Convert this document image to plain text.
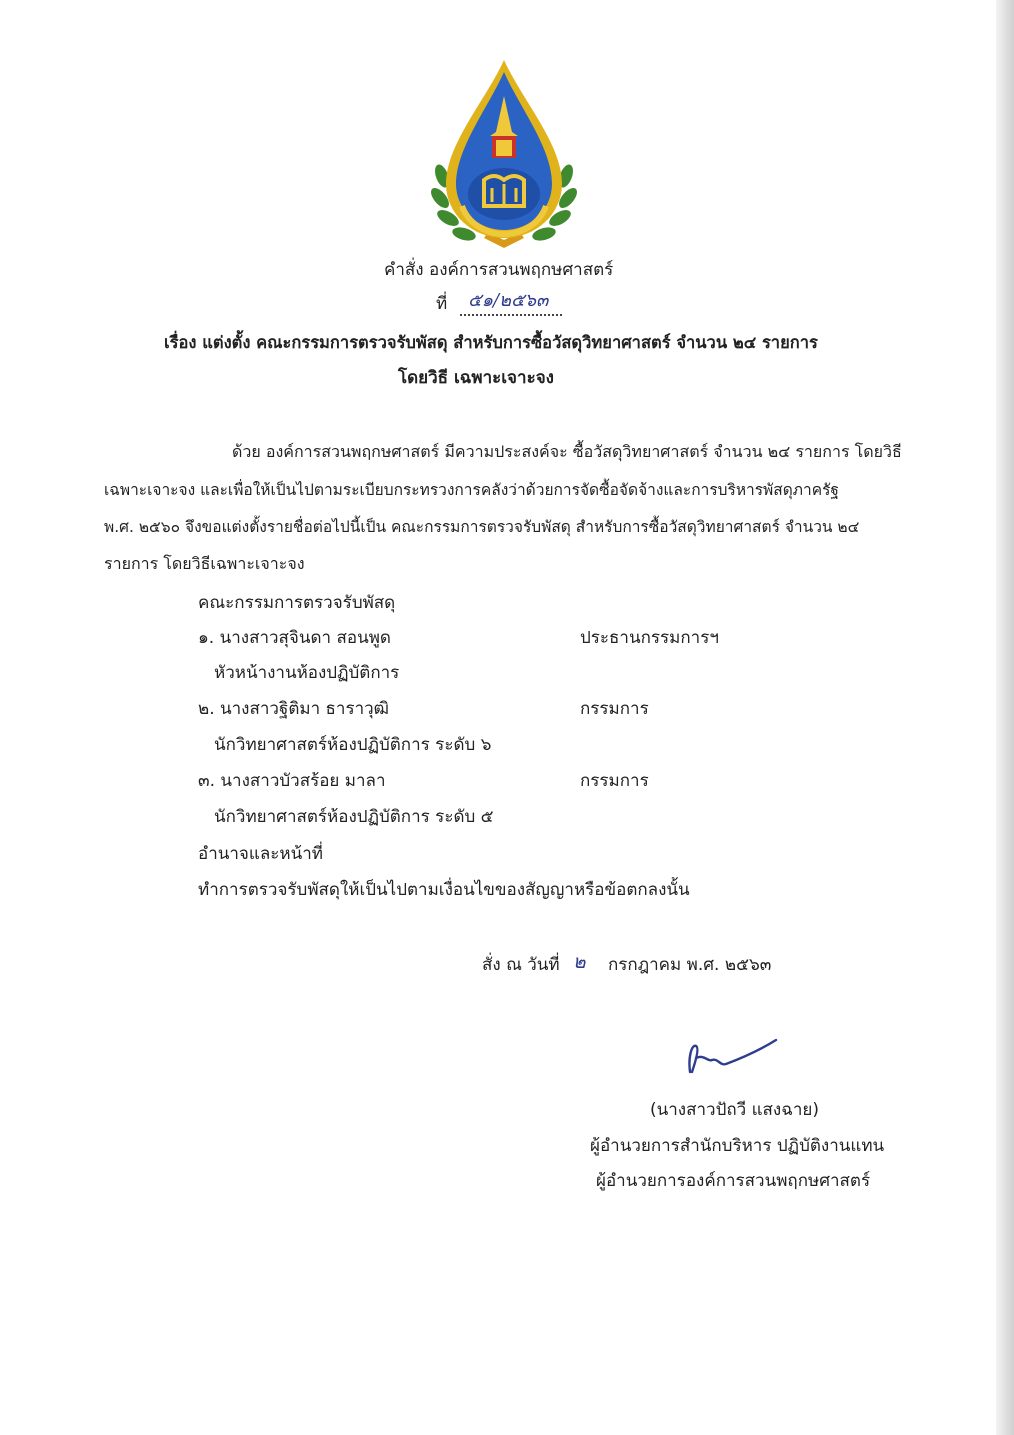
คำสั่ง องค์การสวนพฤกษศาสตร์
ที่ ๕๑/๒๕๖๓
เรื่อง แต่งตั้ง คณะกรรมการตรวจรับพัสดุ สำหรับการซื้อวัสดุวิทยาศาสตร์ จำนวน ๒๔ รายการ
โดยวิธี เฉพาะเจาะจง
ด้วย องค์การสวนพฤกษศาสตร์ มีความประสงค์จะ ซื้อวัสดุวิทยาศาสตร์ จำนวน ๒๔ รายการ โดยวิธี
เฉพาะเจาะจง และเพื่อให้เป็นไปตามระเบียบกระทรวงการคลังว่าด้วยการจัดซื้อจัดจ้างและการบริหารพัสดุภาครัฐ
พ.ศ. ๒๕๖๐ จึงขอแต่งตั้งรายชื่อต่อไปนี้เป็น คณะกรรมการตรวจรับพัสดุ สำหรับการซื้อวัสดุวิทยาศาสตร์ จำนวน ๒๔
รายการ โดยวิธีเฉพาะเจาะจง
คณะกรรมการตรวจรับพัสดุ
๑. นางสาวสุจินดา สอนพูด	ประธานกรรมการฯ
หัวหน้างานห้องปฏิบัติการ
๒. นางสาวฐิติมา ธาราวุฒิ	กรรมการ
นักวิทยาศาสตร์ห้องปฏิบัติการ ระดับ ๖
๓. นางสาวบัวสร้อย มาลา	กรรมการ
นักวิทยาศาสตร์ห้องปฏิบัติการ ระดับ ๕
อำนาจและหน้าที่
ทำการตรวจรับพัสดุให้เป็นไปตามเงื่อนไขของสัญญาหรือข้อตกลงนั้น
สั่ง ณ วันที่ ๒ กรกฎาคม พ.ศ. ๒๕๖๓
(นางสาวปัถวี แสงฉาย)
ผู้อำนวยการสำนักบริหาร ปฏิบัติงานแทน
ผู้อำนวยการองค์การสวนพฤกษศาสตร์
